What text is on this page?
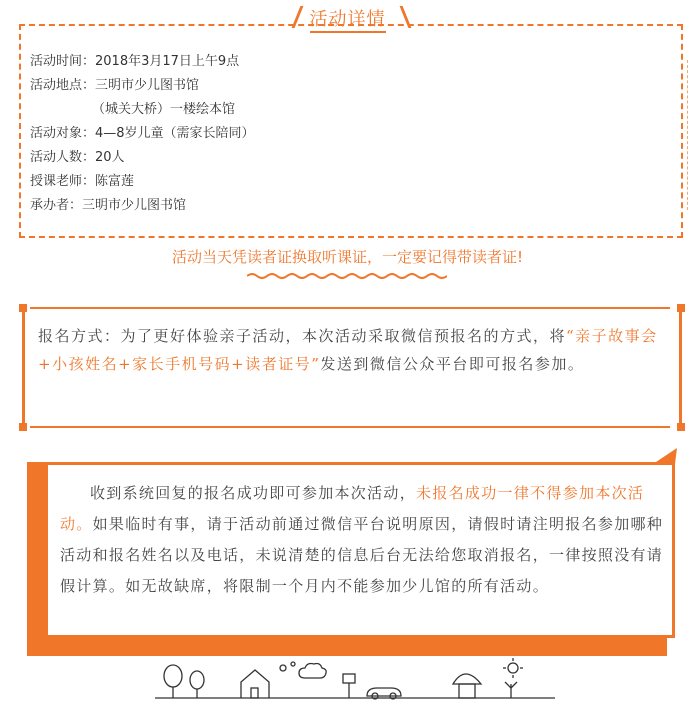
活动详情
活动时间：2018年3月17日上午9点
活动地点：三明市少儿图书馆
（城关大桥）一楼绘本馆
活动对象：4—8岁儿童（需家长陪同）
活动人数：20人
授课老师：陈富莲
承办者：三明市少儿图书馆
活动当天凭读者证换取听课证，一定要记得带读者证!
报名方式：为了更好体验亲子活动，本次活动采取微信预报名的方式，将“亲子故事会+小孩姓名+家长手机号码+读者证号”发送到微信公众平台即可报名参加。
收到系统回复的报名成功即可参加本次活动，未报名成功一律不得参加本次活动。如果临时有事，请于活动前通过微信平台说明原因，请假时请注明报名参加哪种活动和报名姓名以及电话，未说清楚的信息后台无法给您取消报名，一律按照没有请假计算。如无故缺席，将限制一个月内不能参加少儿馆的所有活动。
